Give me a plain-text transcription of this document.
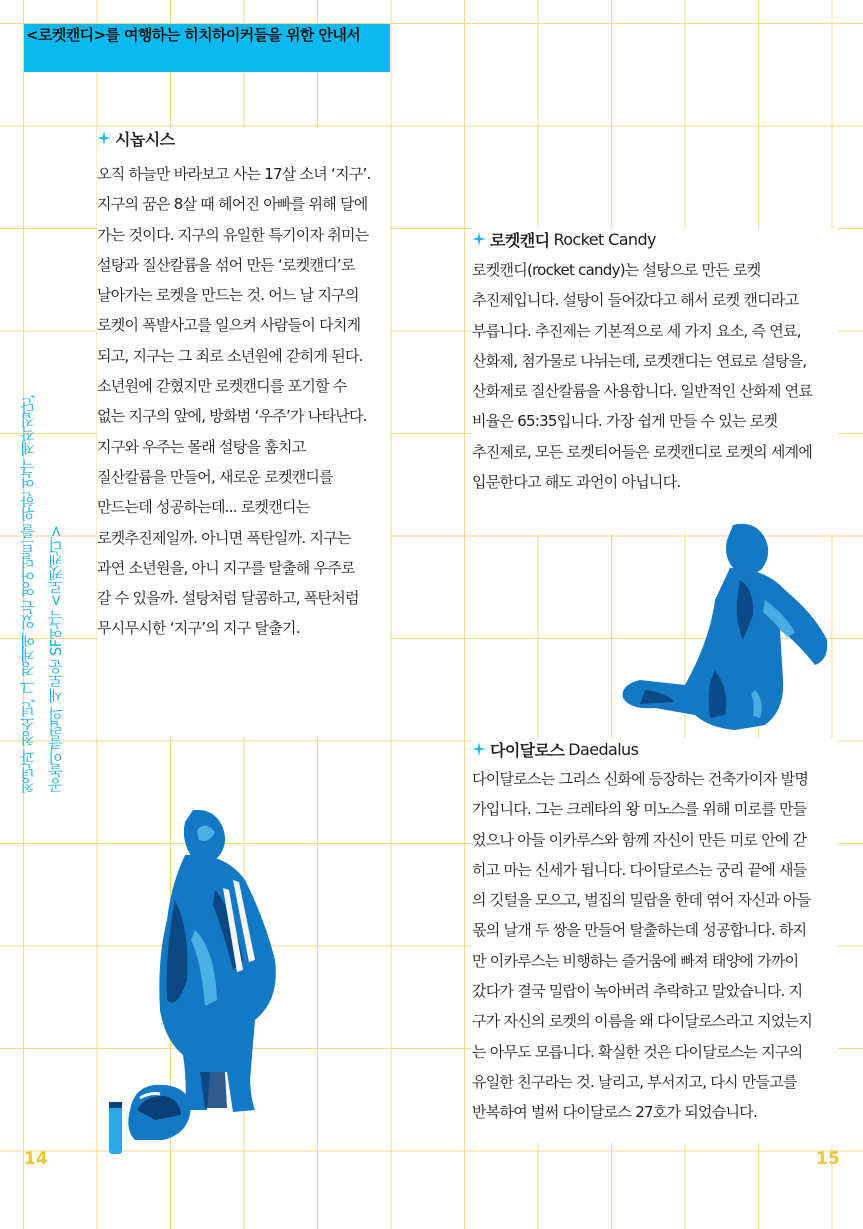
<로켓캔디>를 여행하는 히치하이커들을 위한 안내서
시놉시스
오직 하늘만 바라보고 사는 17살 소녀 ‘지구’.
지구의 꿈은 8살 때 헤어진 아빠를 위해 달에
가는 것이다. 지구의 유일한 특기이자 취미는
설탕과 질산칼륨을 섞어 만든 ‘로켓캔디’로
날아가는 로켓을 만드는 것. 어느 날 지구의
로켓이 폭발사고를 일으켜 사람들이 다치게
되고, 지구는 그 죄로 소년원에 갇히게 된다.
소년원에 갇혔지만 로켓캔디를 포기할 수
없는 지구의 앞에, 방화범 ‘우주’가 나타난다.
지구와 우주는 몰래 설탕을 훔치고
질산칼륨을 만들어, 새로운 로켓캔디를
만드는데 성공하는데... 로켓캔디는
로켓추진제일까. 아니면 폭탄일까. 지구는
과연 소년원을, 아니 지구를 탈출해 우주로
갈 수 있을까. 설탕처럼 달콤하고, 폭탄처럼
무시무시한 ‘지구’의 지구 탈출기.
로켓캔디 Rocket Candy
로켓캔디(rocket candy)는 설탕으로 만든 로켓
추진제입니다. 설탕이 들어갔다고 해서 로켓 캔디라고
부릅니다. 추진제는 기본적으로 세 가지 요소, 즉 연료,
산화제, 첨가물로 나뉘는데, 로켓캔디는 연료로 설탕을,
산화제로 질산칼륨을 사용합니다. 일반적인 산화제 연료
비율은 65:35입니다. 가장 쉽게 만들 수 있는 로켓
추진제로, 모든 로켓티어들은 로켓캔디로 로켓의 세계에
입문한다고 해도 과언이 아닙니다.
다이달로스 Daedalus
다이달로스는 그리스 신화에 등장하는 건축가이자 발명
가입니다. 그는 크레타의 왕 미노스를 위해 미로를 만들
었으나 아들 이카루스와 함께 자신이 만든 미로 안에 갇
히고 마는 신세가 됩니다. 다이달로스는 궁리 끝에 새들
의 깃털을 모으고, 벌집의 밀랍을 한데 엮어 자신과 아들
몫의 날개 두 쌍을 만들어 탈출하는데 성공합니다. 하지
만 이카루스는 비행하는 즐거움에 빠져 태양에 가까이
갔다가 결국 밀랍이 녹아버려 추락하고 말았습니다. 지
구가 자신의 로켓의 이름을 왜 다이달로스라고 지었는지
는 아무도 모릅니다. 확실한 것은 다이달로스는 지구의
유일한 친구라는 것. 날리고, 부서지고, 다시 만들고를
반복하여 벌써 다이달로스 27호가 되었습니다.
청년과 청소년, 그 경계에 있는 영어덜트를 위한 연극 제작집단, 공놀이클럽의 새로운 SF연극 <로켓캔디>
14	15
